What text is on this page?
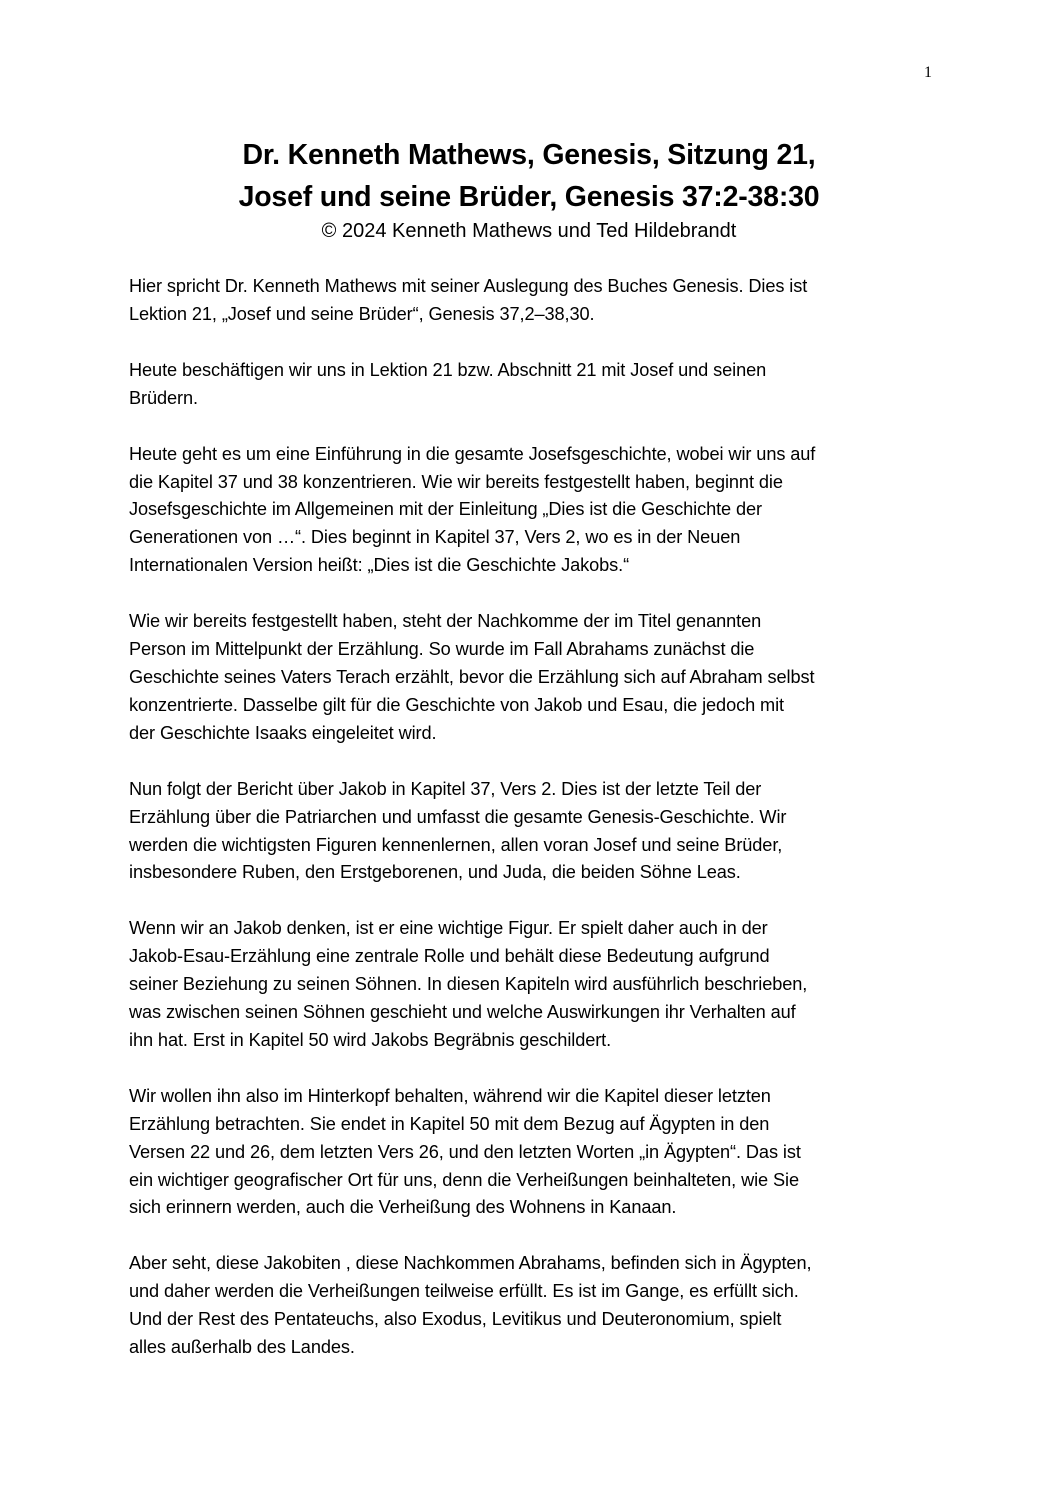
1
Dr. Kenneth Mathews, Genesis, Sitzung 21,
Josef und seine Brüder, Genesis 37:2-38:30
© 2024 Kenneth Mathews und Ted Hildebrandt

Hier spricht Dr. Kenneth Mathews mit seiner Auslegung des Buches Genesis. Dies ist
Lektion 21, „Josef und seine Brüder“, Genesis 37,2–38,30.

Heute beschäftigen wir uns in Lektion 21 bzw. Abschnitt 21 mit Josef und seinen
Brüdern.

Heute geht es um eine Einführung in die gesamte Josefsgeschichte, wobei wir uns auf
die Kapitel 37 und 38 konzentrieren. Wie wir bereits festgestellt haben, beginnt die
Josefsgeschichte im Allgemeinen mit der Einleitung „Dies ist die Geschichte der
Generationen von …“. Dies beginnt in Kapitel 37, Vers 2, wo es in der Neuen
Internationalen Version heißt: „Dies ist die Geschichte Jakobs.“

Wie wir bereits festgestellt haben, steht der Nachkomme der im Titel genannten
Person im Mittelpunkt der Erzählung. So wurde im Fall Abrahams zunächst die
Geschichte seines Vaters Terach erzählt, bevor die Erzählung sich auf Abraham selbst
konzentrierte. Dasselbe gilt für die Geschichte von Jakob und Esau, die jedoch mit
der Geschichte Isaaks eingeleitet wird.

Nun folgt der Bericht über Jakob in Kapitel 37, Vers 2. Dies ist der letzte Teil der
Erzählung über die Patriarchen und umfasst die gesamte Genesis-Geschichte. Wir
werden die wichtigsten Figuren kennenlernen, allen voran Josef und seine Brüder,
insbesondere Ruben, den Erstgeborenen, und Juda, die beiden Söhne Leas.

Wenn wir an Jakob denken, ist er eine wichtige Figur. Er spielt daher auch in der
Jakob-Esau-Erzählung eine zentrale Rolle und behält diese Bedeutung aufgrund
seiner Beziehung zu seinen Söhnen. In diesen Kapiteln wird ausführlich beschrieben,
was zwischen seinen Söhnen geschieht und welche Auswirkungen ihr Verhalten auf
ihn hat. Erst in Kapitel 50 wird Jakobs Begräbnis geschildert.

Wir wollen ihn also im Hinterkopf behalten, während wir die Kapitel dieser letzten
Erzählung betrachten. Sie endet in Kapitel 50 mit dem Bezug auf Ägypten in den
Versen 22 und 26, dem letzten Vers 26, und den letzten Worten „in Ägypten“. Das ist
ein wichtiger geografischer Ort für uns, denn die Verheißungen beinhalteten, wie Sie
sich erinnern werden, auch die Verheißung des Wohnens in Kanaan.

Aber seht, diese Jakobiten , diese Nachkommen Abrahams, befinden sich in Ägypten,
und daher werden die Verheißungen teilweise erfüllt. Es ist im Gange, es erfüllt sich.
Und der Rest des Pentateuchs, also Exodus, Levitikus und Deuteronomium, spielt
alles außerhalb des Landes.
